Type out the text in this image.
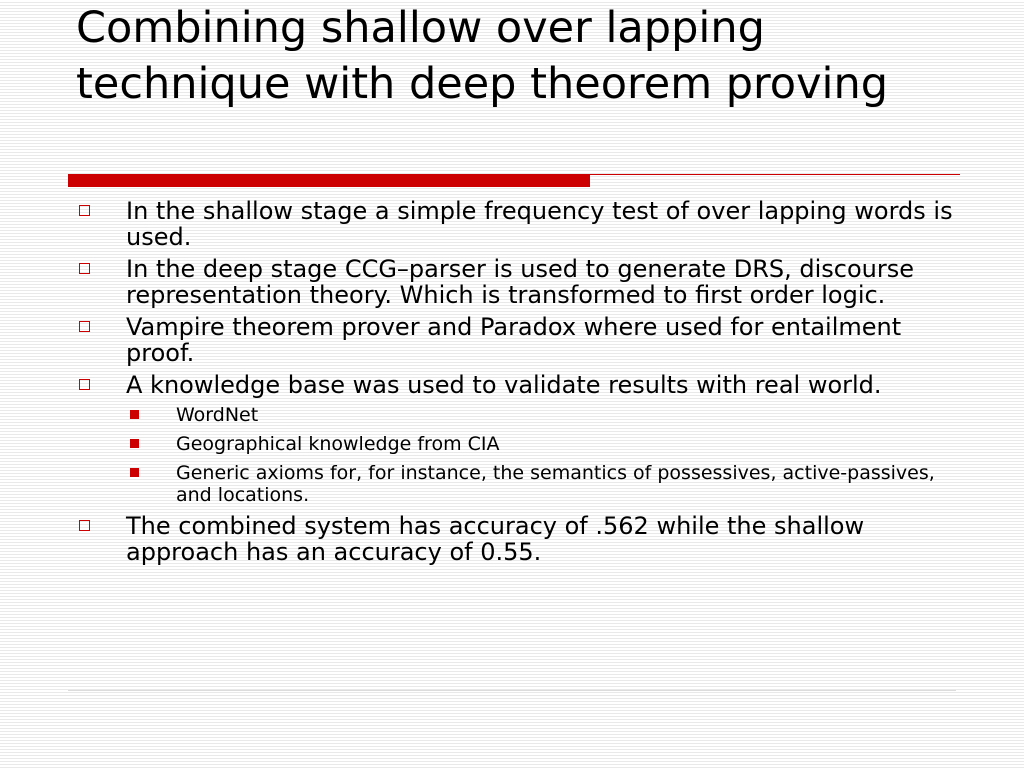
Combining shallow over lapping technique with deep theorem proving
In the shallow stage a simple frequency test of over lapping words is used.
In the deep stage CCG–parser is used to generate DRS, discourse representation theory. Which is transformed to first order logic.
Vampire theorem prover and Paradox where used for entailment proof.
A knowledge base was used to validate results with real world.
WordNet
Geographical knowledge from CIA
Generic axioms for, for instance, the semantics of possessives, active-passives, and locations.
The combined system has accuracy of .562 while the shallow approach has an accuracy of 0.55.
